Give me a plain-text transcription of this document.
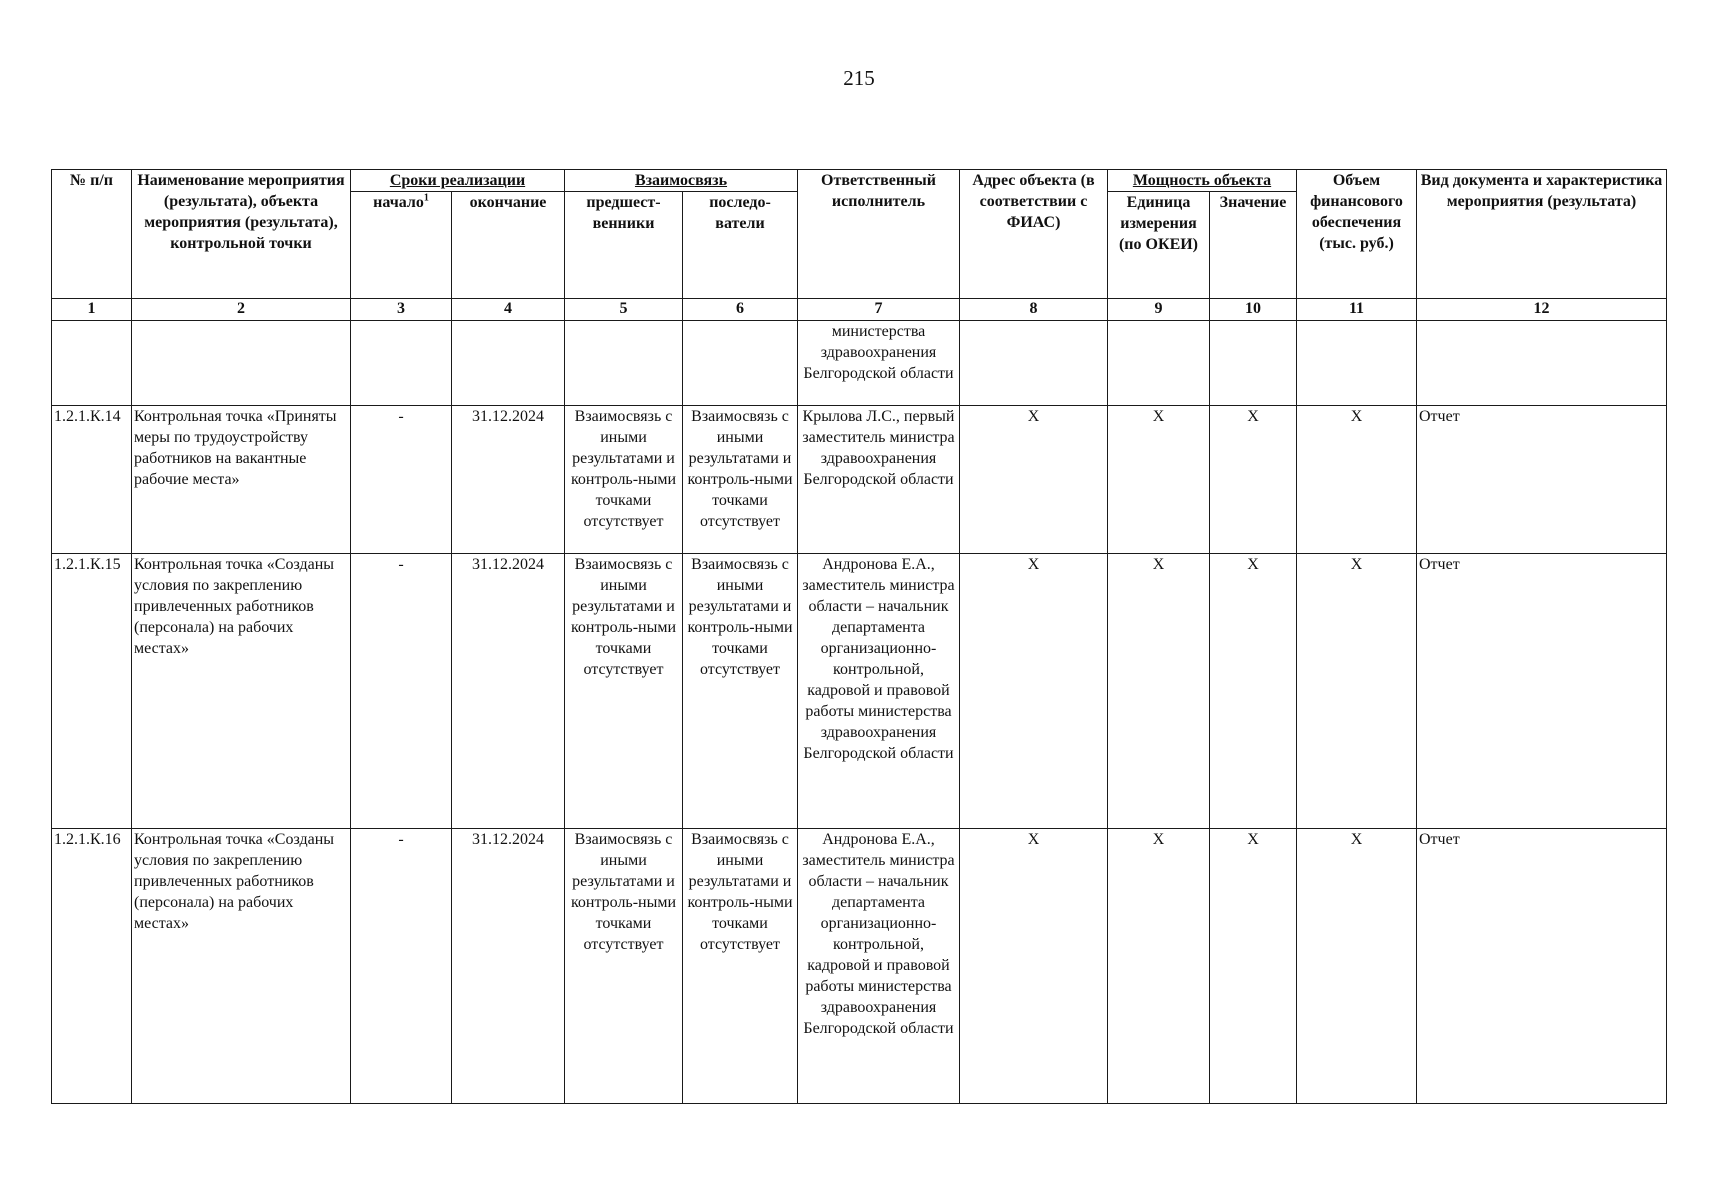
215
№ п/п	Наименование мероприятия (результата), объекта мероприятия (результата), контрольной точки	Сроки реализации		Взаимосвязь		Ответственный исполнитель	Адрес объекта (в соответствии с ФИАС)	Мощность объекта		Объем финансового обеспечения (тыс. руб.)	Вид документа и характеристика мероприятия (результата)
		начало$^1$	окончание	предшест-венники	последо-ватели			Единица измерения (по ОКЕИ)	Значение		
1	2	3	4	5	6	7	8	9	10	11	12
						министерства здравоохранения Белгородской области					
1.2.1.К.14	Контрольная точка «Приняты меры по трудоустройству работников на вакантные рабочие места»	-	31.12.2024	Взаимосвязь с иными результатами и контроль-ными точками отсутствует	Взаимосвязь с иными результатами и контроль-ными точками отсутствует	Крылова Л.С., первый заместитель министра здравоохранения Белгородской области	X	X	X	X	Отчет
1.2.1.К.15	Контрольная точка «Созданы условия по закреплению привлеченных работников (персонала) на рабочих местах»	-	31.12.2024	Взаимосвязь с иными результатами и контроль-ными точками отсутствует	Взаимосвязь с иными результатами и контроль-ными точками отсутствует	Андронова Е.А., заместитель министра области – начальник департамента организационно-контрольной, кадровой и правовой работы министерства здравоохранения Белгородской области	X	X	X	X	Отчет
1.2.1.К.16	Контрольная точка «Созданы условия по закреплению привлеченных работников (персонала) на рабочих местах»	-	31.12.2024	Взаимосвязь с иными результатами и контроль-ными точками отсутствует	Взаимосвязь с иными результатами и контроль-ными точками отсутствует	Андронова Е.А., заместитель министра области – начальник департамента организационно-контрольной, кадровой и правовой работы министерства здравоохранения Белгородской области	X	X	X	X	Отчет
